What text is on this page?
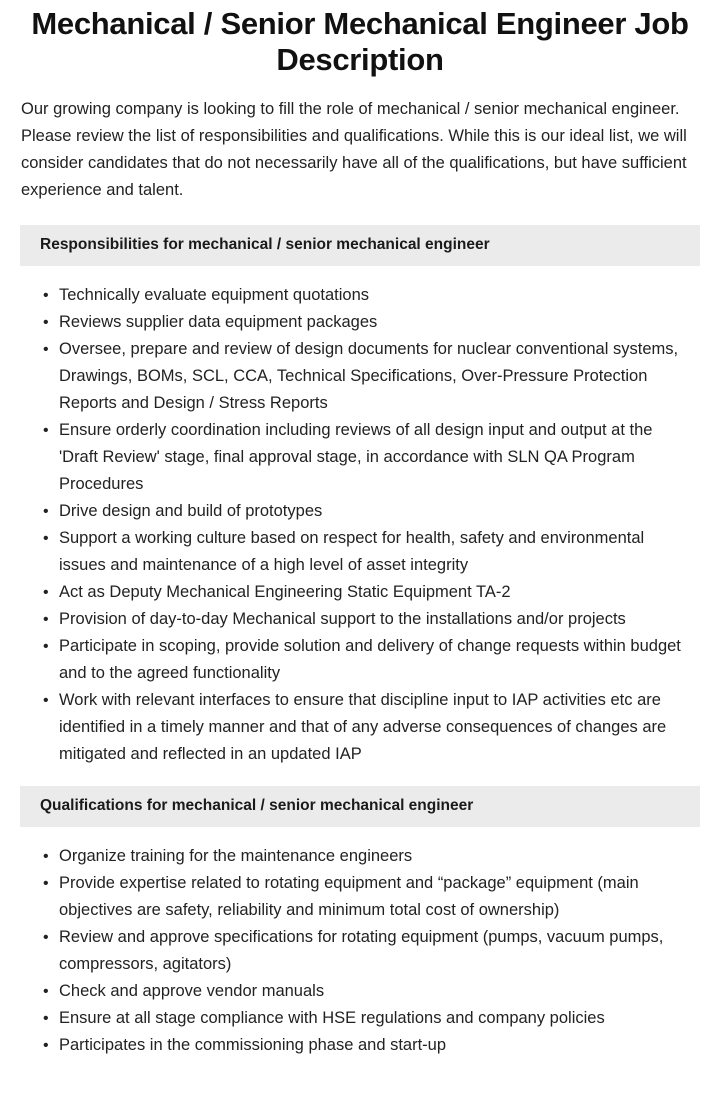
Mechanical / Senior Mechanical Engineer Job Description

Our growing company is looking to fill the role of mechanical / senior mechanical engineer. Please review the list of responsibilities and qualifications. While this is our ideal list, we will consider candidates that do not necessarily have all of the qualifications, but have sufficient experience and talent.

Responsibilities for mechanical / senior mechanical engineer
• Technically evaluate equipment quotations
• Reviews supplier data equipment packages
• Oversee, prepare and review of design documents for nuclear conventional systems, Drawings, BOMs, SCL, CCA, Technical Specifications, Over-Pressure Protection Reports and Design / Stress Reports
• Ensure orderly coordination including reviews of all design input and output at the 'Draft Review' stage, final approval stage, in accordance with SLN QA Program Procedures
• Drive design and build of prototypes
• Support a working culture based on respect for health, safety and environmental issues and maintenance of a high level of asset integrity
• Act as Deputy Mechanical Engineering Static Equipment TA-2
• Provision of day-to-day Mechanical support to the installations and/or projects
• Participate in scoping, provide solution and delivery of change requests within budget and to the agreed functionality
• Work with relevant interfaces to ensure that discipline input to IAP activities etc are identified in a timely manner and that of any adverse consequences of changes are mitigated and reflected in an updated IAP
Qualifications for mechanical / senior mechanical engineer
• Organize training for the maintenance engineers
• Provide expertise related to rotating equipment and “package” equipment (main objectives are safety, reliability and minimum total cost of ownership)
• Review and approve specifications for rotating equipment (pumps, vacuum pumps, compressors, agitators)
• Check and approve vendor manuals
• Ensure at all stage compliance with HSE regulations and company policies
• Participates in the commissioning phase and start-up
